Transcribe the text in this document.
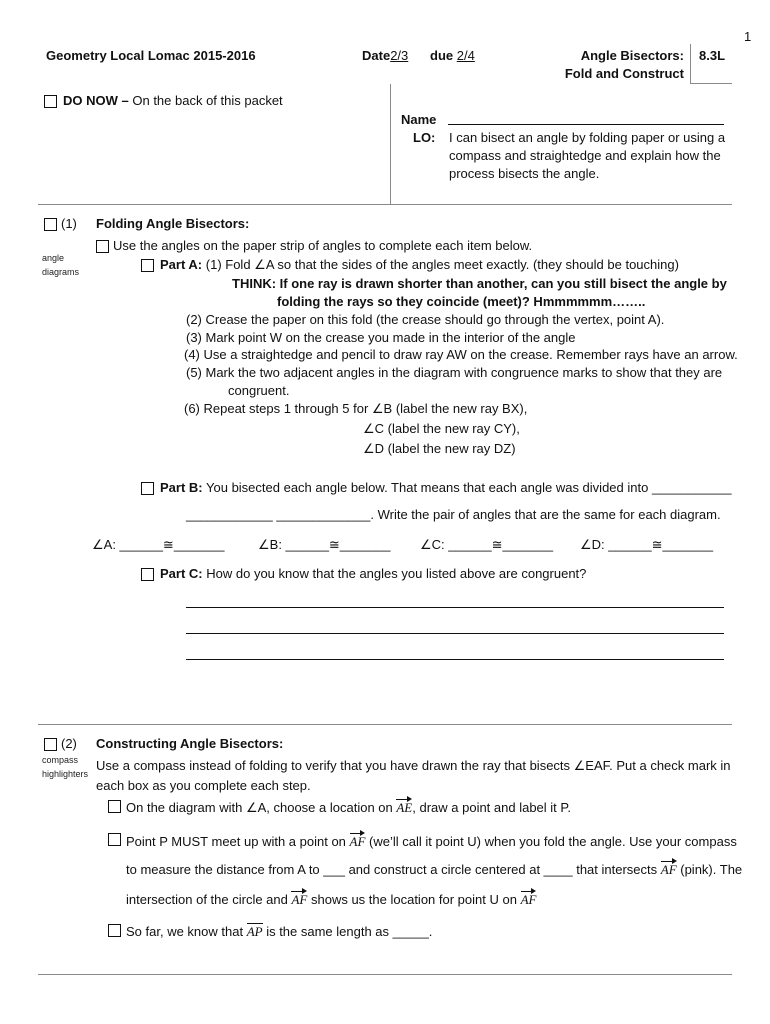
1
Geometry Local Lomac 2015-2016	Date2/3 due 2/4	Angle Bisectors:
Fold and Construct
8.3L
DO NOW – On the back of this packet
Name
LO: I can bisect an angle by folding paper or using a
compass and straightedge and explain how the
process bisects the angle.
(1)
angle
diagrams
Folding Angle Bisectors:
Use the angles on the paper strip of angles to complete each item below.
Part A: (1) Fold ∠A so that the sides of the angles meet exactly. (they should be touching)
THINK: If one ray is drawn shorter than another, can you still bisect the angle by
folding the rays so they coincide (meet)? Hmmmmmm……..
(2) Crease the paper on this fold (the crease should go through the vertex, point A).
(3) Mark point W on the crease you made in the interior of the angle
(4) Use a straightedge and pencil to draw ray AW on the crease. Remember rays have an arrow.
(5) Mark the two adjacent angles in the diagram with congruence marks to show that they are
congruent.
(6) Repeat steps 1 through 5 for ∠B (label the new ray BX),
∠C (label the new ray CY),
∠D (label the new ray DZ)
Part B: You bisected each angle below. That means that each angle was divided into ___________
____________ _____________. Write the pair of angles that are the same for each diagram.
∠A: ______≅_______	∠B: ______≅_______ ∠C: ______≅_______ ∠D: ______≅_______
Part C: How do you know that the angles you listed above are congruent?
(2)
compass
highlighters
Constructing Angle Bisectors:
Use a compass instead of folding to verify that you have drawn the ray that bisects ∠EAF. Put a check mark in
each box as you complete each step.
On the diagram with ∠A, choose a location on AE, draw a point and label it P.
Point P MUST meet up with a point on AF (we’ll call it point U) when you fold the angle. Use your compass
to measure the distance from A to ___ and construct a circle centered at ____ that intersects AF (pink). The
intersection of the circle and AF shows us the location for point U on AF
So far, we know that AP is the same length as _____.
